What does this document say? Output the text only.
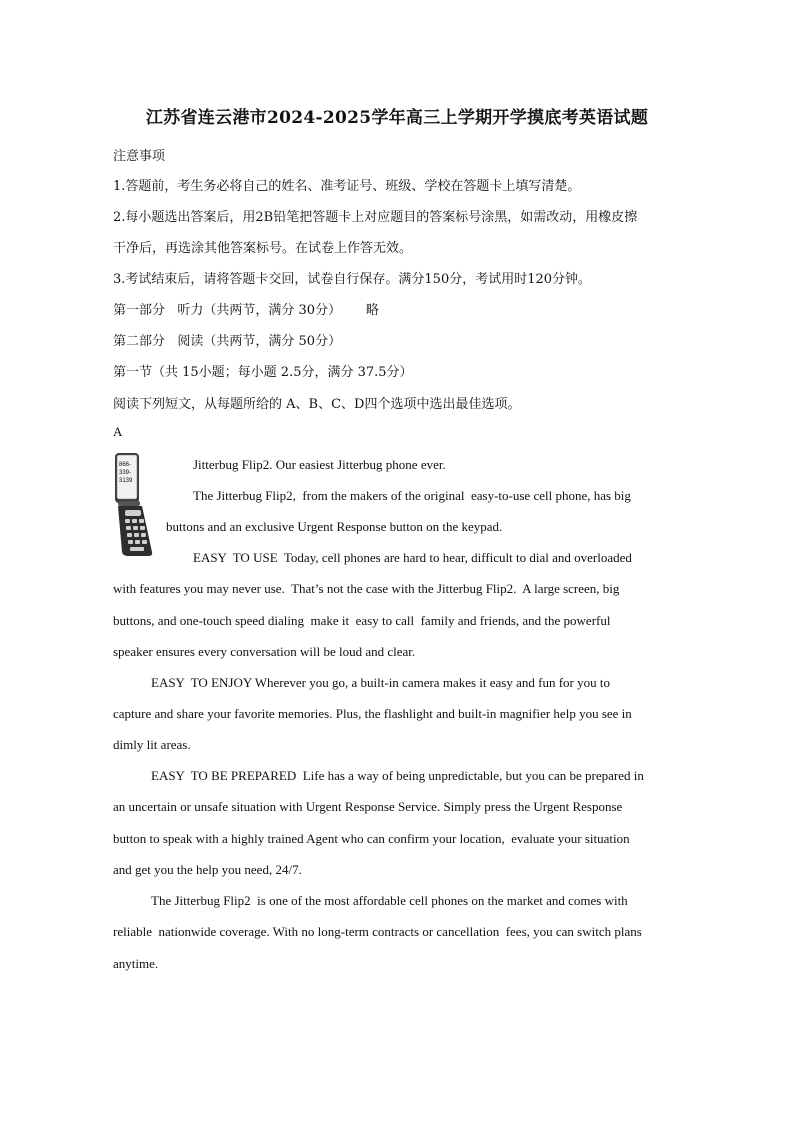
江苏省连云港市2024-2025学年高三上学期开学摸底考英语试题
注意事项
1.答题前，考生务必将自己的姓名、准考证号、班级、学校在答题卡上填写清楚。
2.每小题选出答案后，用2B铅笔把答题卡上对应题目的答案标号涂黑，如需改动，用橡皮擦
干净后，再选涂其他答案标号。在试卷上作答无效。
3.考试结束后，请将答题卡交回，试卷自行保存。满分150分，考试用时120分钟。
第一部分   听力（共两节，满分 30分）      略
第二部分   阅读（共两节，满分 50分）
第一节（共 15小题；每小题 2.5分，满分 37.5分）
阅读下列短文，从每题所给的 A、B、C、D四个选项中选出最佳选项。
A
866-
339-
3139
Jitterbug Flip2. Our easiest Jitterbug phone ever.
The Jitterbug Flip2,  from the makers of the original  easy-to-use cell phone, has big
buttons and an exclusive Urgent Response button on the keypad.
EASY  TO USE  Today, cell phones are hard to hear, difficult to dial and overloaded
with features you may never use.  That’s not the case with the Jitterbug Flip2.  A large screen, big
buttons, and one-touch speed dialing  make it  easy to call  family and friends, and the powerful
speaker ensures every conversation will be loud and clear.
EASY  TO ENJOY Wherever you go, a built-in camera makes it easy and fun for you to
capture and share your favorite memories. Plus, the flashlight and built-in magnifier help you see in
dimly lit areas.
EASY  TO BE PREPARED  Life has a way of being unpredictable, but you can be prepared in
an uncertain or unsafe situation with Urgent Response Service. Simply press the Urgent Response
button to speak with a highly trained Agent who can confirm your location,  evaluate your situation
and get you the help you need, 24/7.
The Jitterbug Flip2  is one of the most affordable cell phones on the market and comes with
reliable  nationwide coverage. With no long-term contracts or cancellation  fees, you can switch plans
anytime.
